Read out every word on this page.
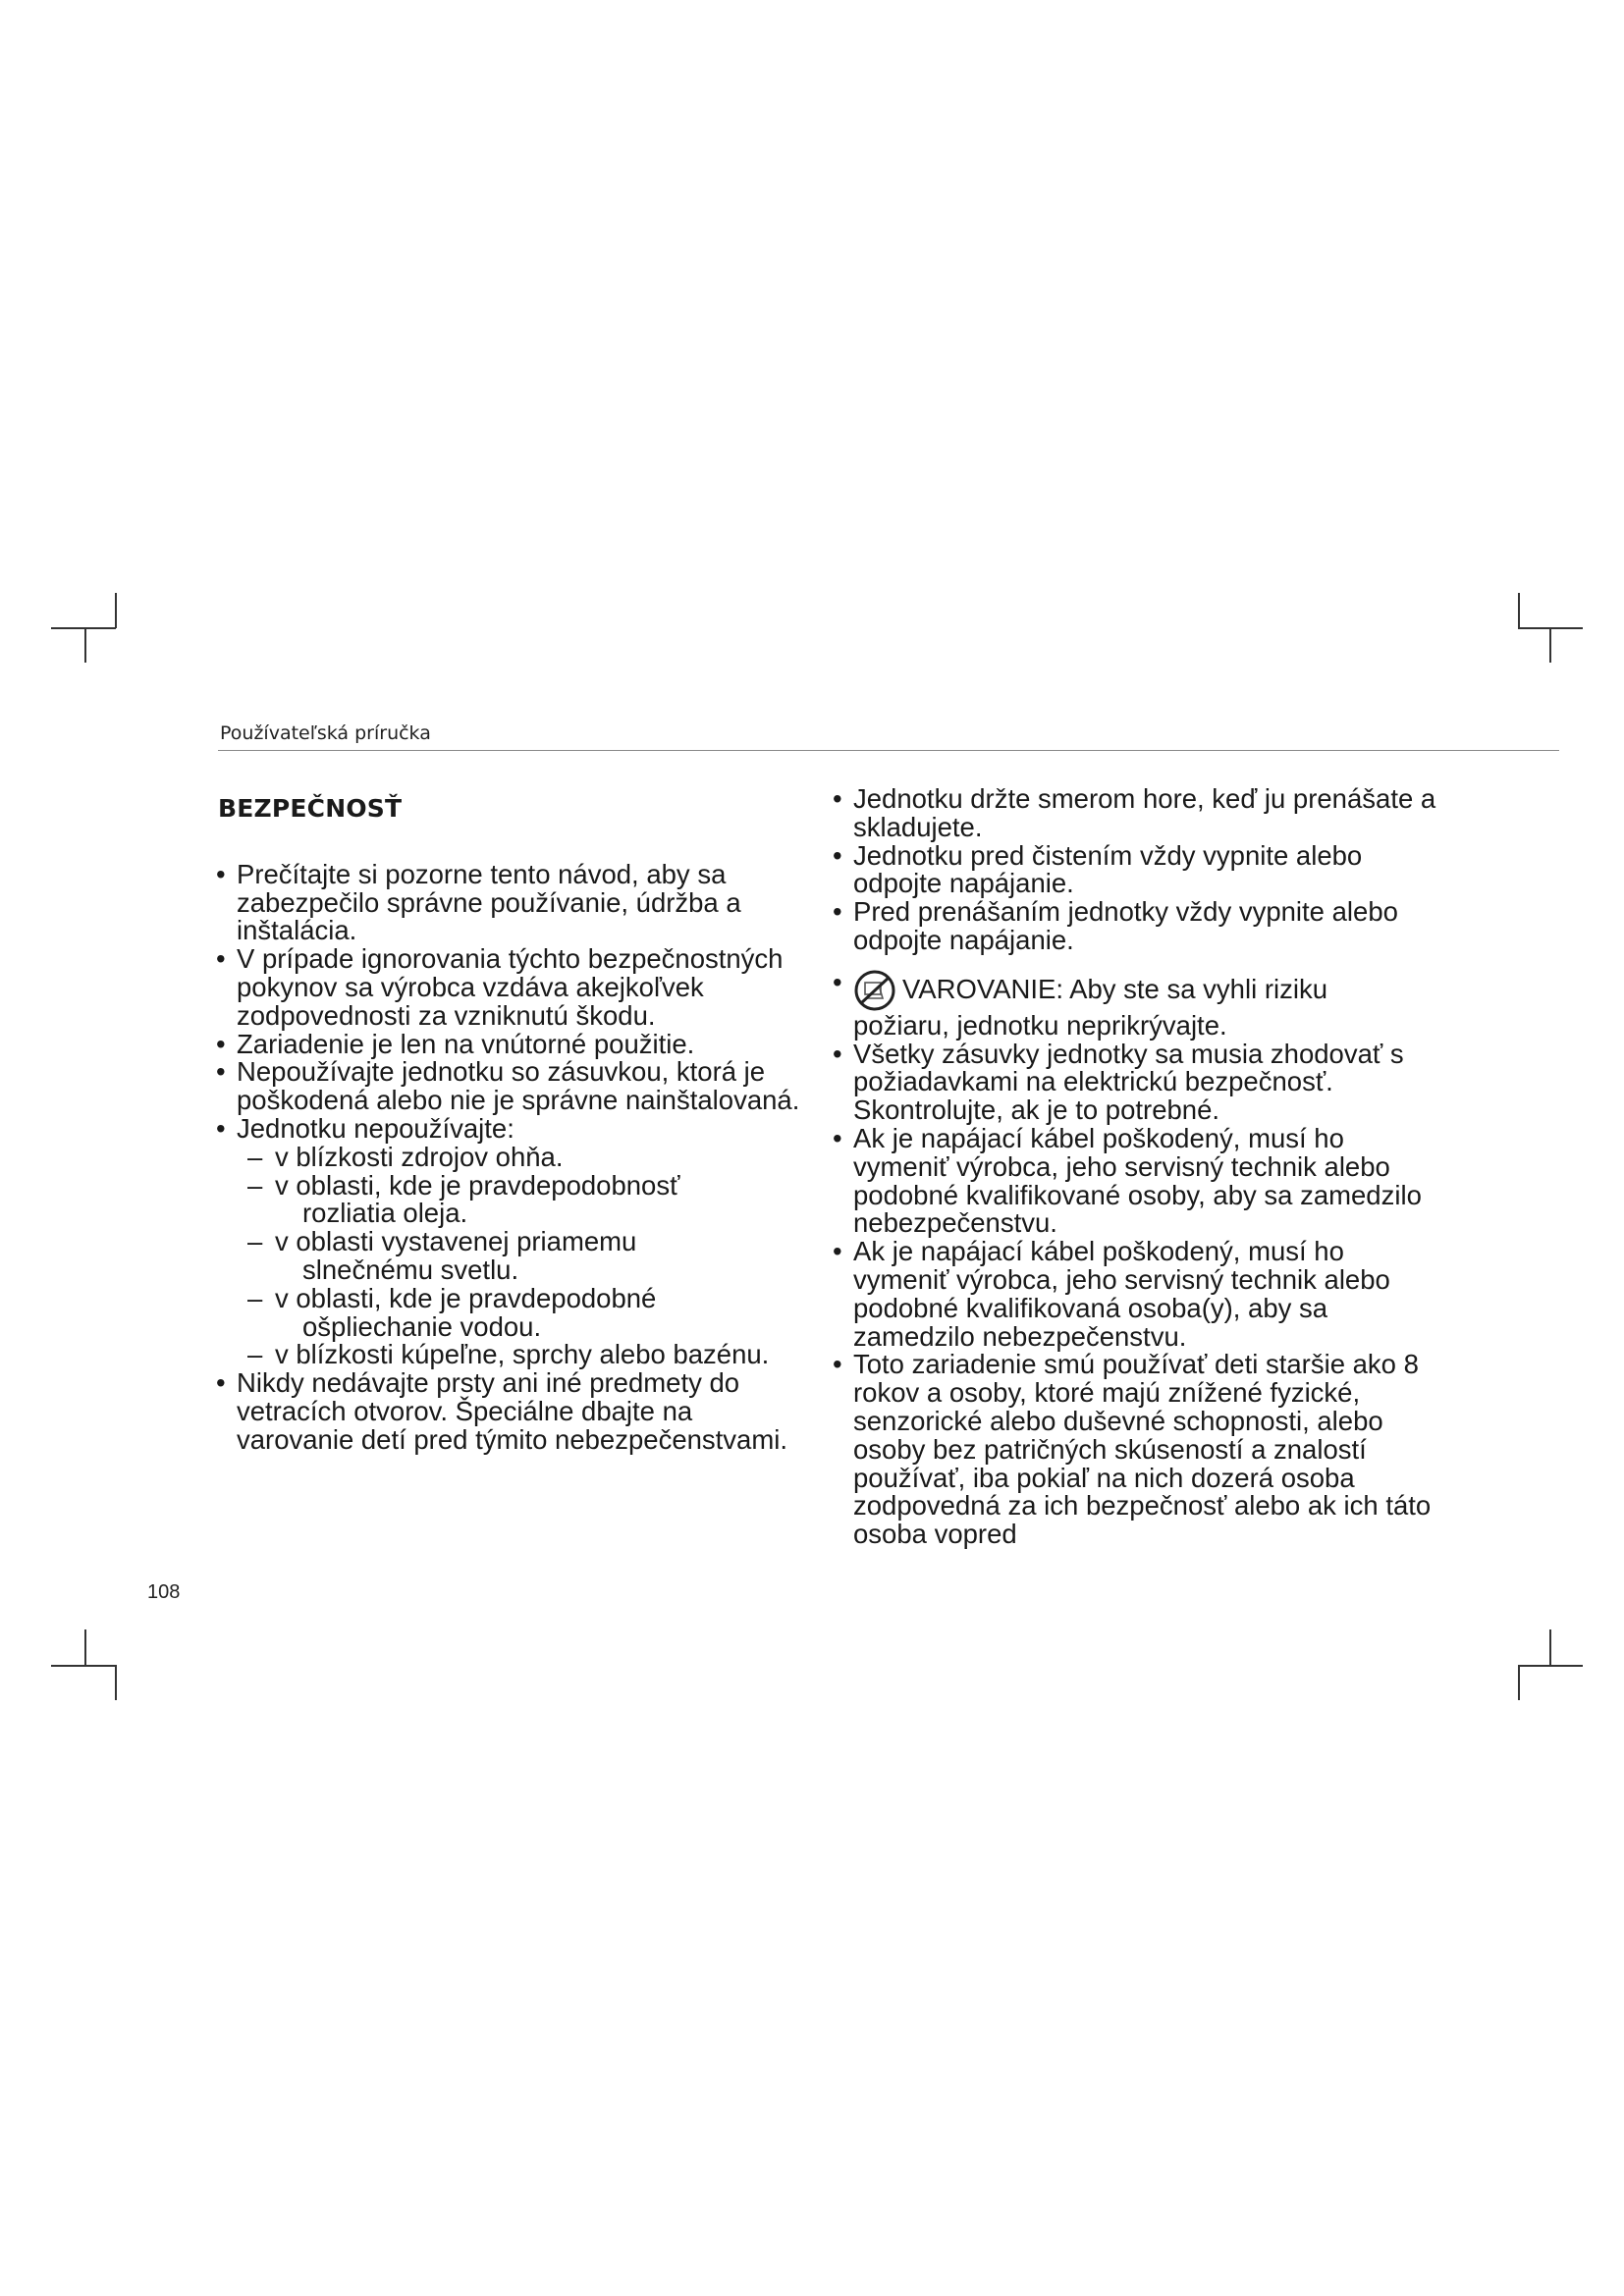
Používateľská príručka
BEZPEČNOSŤ
• Prečítajte si pozorne tento návod, aby sa zabezpečilo správne používanie, údržba a inštalácia.
• V prípade ignorovania týchto bezpečnostných pokynov sa výrobca vzdáva akejkoľvek zodpovednosti za vzniknutú škodu.
• Zariadenie je len na vnútorné použitie.
• Nepoužívajte jednotku so zásuvkou, ktorá je poškodená alebo nie je správne nainštalovaná.
• Jednotku nepoužívajte:
– v blízkosti zdrojov ohňa.
– v oblasti, kde je pravdepodobnosť
rozliatia oleja.
– v oblasti vystavenej priamemu
slnečnému svetlu.
– v oblasti, kde je pravdepodobné
ošpliechanie vodou.
– v blízkosti kúpeľne, sprchy alebo bazénu.
• Nikdy nedávajte prsty ani iné predmety do vetracích otvorov. Špeciálne dbajte na varovanie detí pred týmito nebezpečenstvami.
• Jednotku držte smerom hore, keď ju prenášate a skladujete.
• Jednotku pred čistením vždy vypnite alebo odpojte napájanie.
• Pred prenášaním jednotky vždy vypnite alebo odpojte napájanie.
• VAROVANIE: Aby ste sa vyhli riziku
požiaru, jednotku neprikrývajte.
• Všetky zásuvky jednotky sa musia zhodovať s požiadavkami na elektrickú bezpečnosť. Skontrolujte, ak je to potrebné.
• Ak je napájací kábel poškodený, musí ho vymeniť výrobca, jeho servisný technik alebo podobné kvalifikované osoby, aby sa zamedzilo nebezpečenstvu.
• Ak je napájací kábel poškodený, musí ho vymeniť výrobca, jeho servisný technik alebo podobné kvalifikovaná osoba(y), aby sa zamedzilo nebezpečenstvu.
• Toto zariadenie smú používať deti staršie ako 8 rokov a osoby, ktoré majú znížené fyzické, senzorické alebo duševné schopnosti, alebo osoby bez patričných skúseností a znalostí používať, iba pokiaľ na nich dozerá osoba zodpovedná za ich bezpečnosť alebo ak ich táto osoba vopred
108
